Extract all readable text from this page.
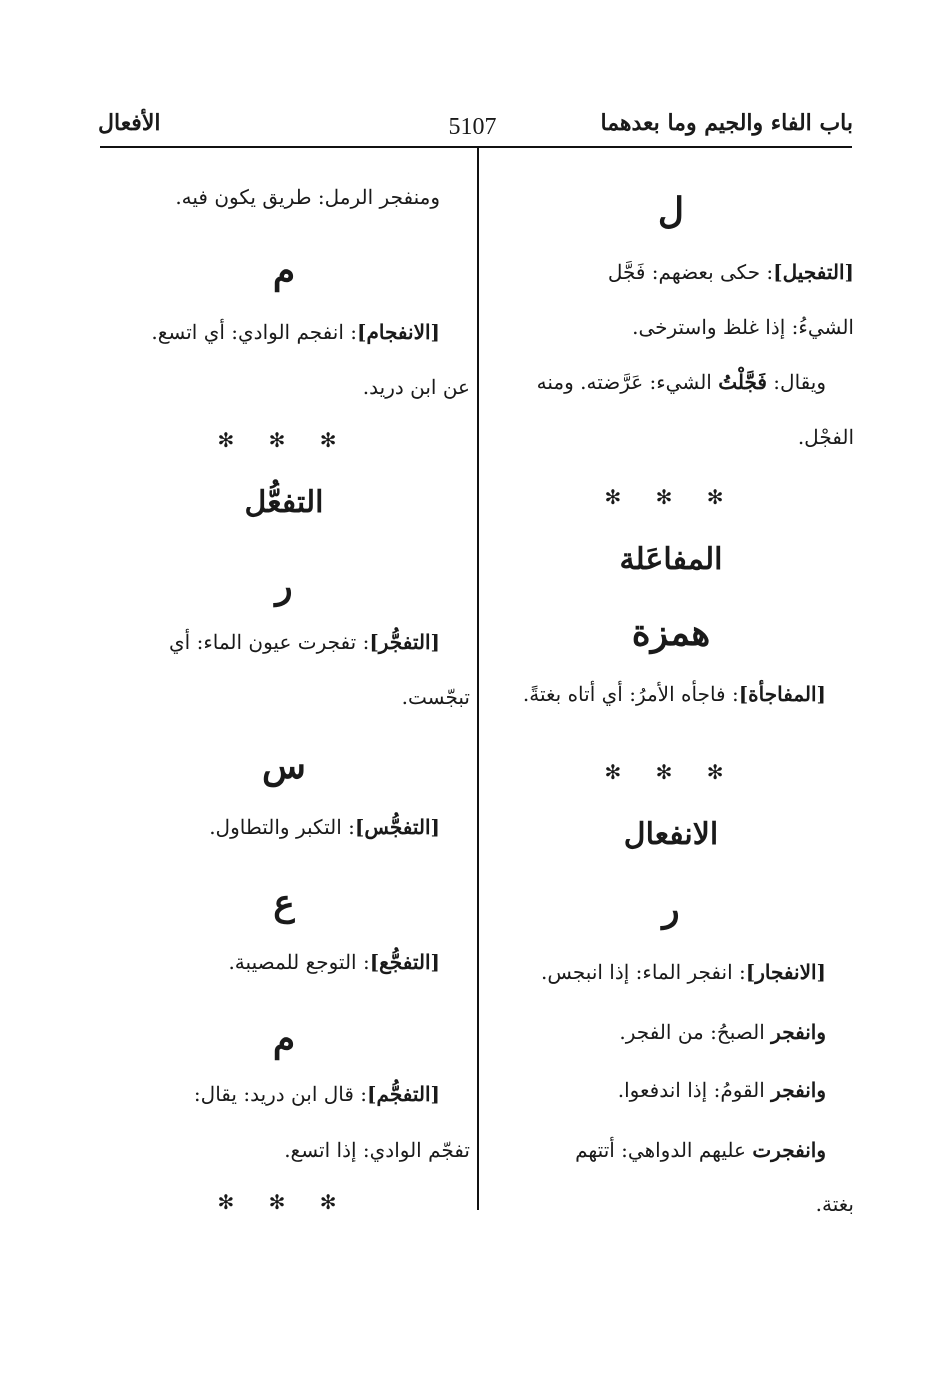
باب الفاء والجيم وما بعدهما
5107
الأفعال
ل
[التفجيل]: حكى بعضهم: فَجَّل
الشيءُ: إذا غلظ واسترخى.
ويقال: فَجَّلْتُ الشيء: عَرَّضته. ومنه
الفجْل.
✻ ✻ ✻
المفاعَلة
همزة
[المفاجأة]: فاجأه الأمرُ: أي أتاه بغتةً.
✻ ✻ ✻
الانفعال
ر
[الانفجار]: انفجر الماء: إذا انبجس.
وانفجر الصبحُ: من الفجر.
وانفجر القومُ: إذا اندفعوا.
وانفجرت عليهم الدواهي: أتتهم
بغتة.
ومنفجر الرمل: طريق يكون فيه.
م
[الانفجام]: انفجم الوادي: أي اتسع.
عن ابن دريد.
✻ ✻ ✻
التفعُّل
ر
[التفجُّر]: تفجرت عيون الماء: أي
تبجّست.
س
[التفجُّس]: التكبر والتطاول.
ع
[التفجُّع]: التوجع للمصيبة.
م
[التفجُّم]: قال ابن دريد: يقال:
تفجّم الوادي: إذا اتسع.
✻ ✻ ✻
